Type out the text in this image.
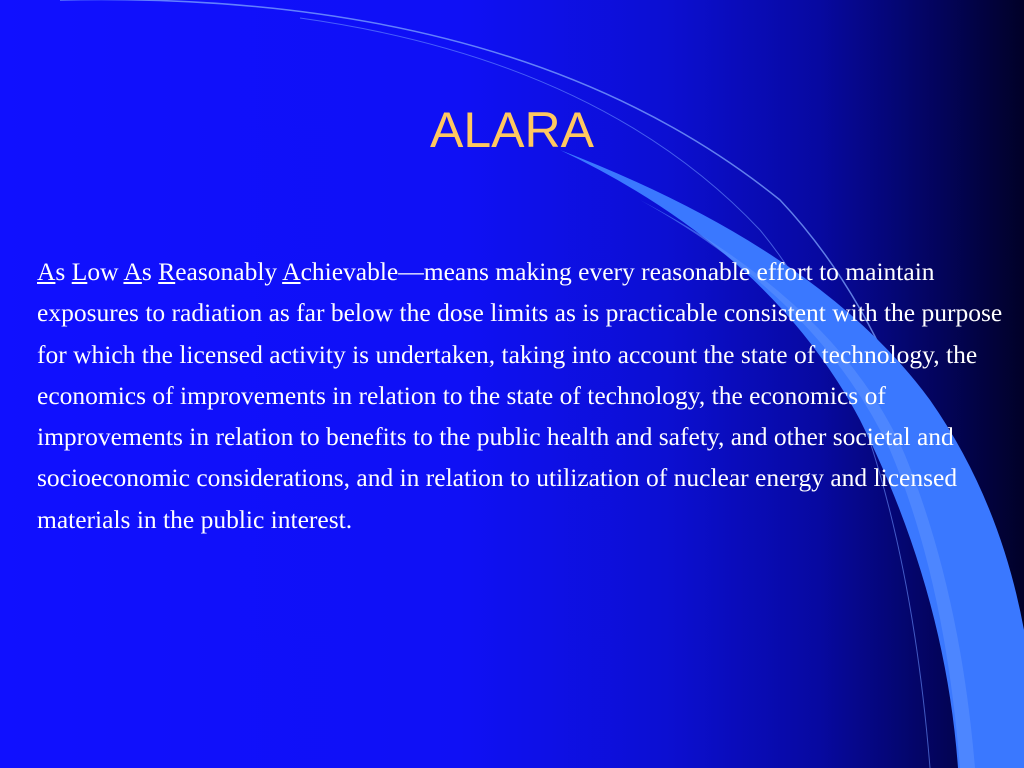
ALARA

As Low As Reasonably Achievable—means making every reasonable effort to maintain exposures to radiation as far below the dose limits as is practicable consistent with the purpose for which the licensed activity is undertaken, taking into account the state of technology, the economics of improvements in relation to the state of technology, the economics of improvements in relation to benefits to the public health and safety, and other societal and socioeconomic considerations, and in relation to utilization of nuclear energy and licensed materials in the public interest.
